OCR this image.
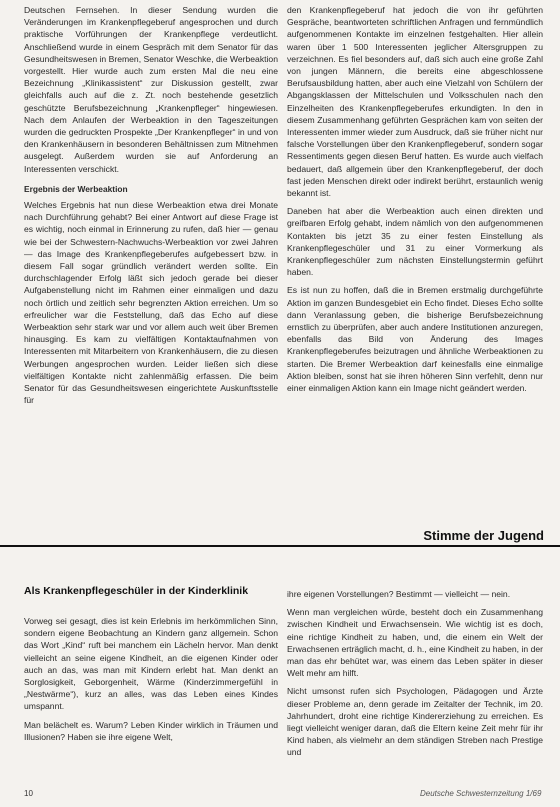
Deutschen Fernsehen. In dieser Sendung wurden die Veränderungen im Krankenpflegeberuf angesprochen und durch praktische Vorführungen der Krankenpflege verdeutlicht. Anschließend wurde in einem Gespräch mit dem Senator für das Gesundheitswesen in Bremen, Senator Weschke, die Werbeaktion vorgestellt. Hier wurde auch zum ersten Mal die neu eine Bezeichnung „Klinikassistent“ zur Diskussion gestellt, zwar gleichfalls auch auf die z. Zt. noch bestehende gesetzlich geschützte Berufsbezeichnung „Krankenpfleger“ hingewiesen. Nach dem Anlaufen der Werbeaktion in den Tageszeitungen wurden die gedruckten Prospekte „Der Krankenpfleger“ in und von den Krankenhäusern in besonderen Behältnissen zum Mitnehmen ausgelegt. Außerdem wurden sie auf Anforderung an Interessenten verschickt.

Ergebnis der Werbeaktion

Welches Ergebnis hat nun diese Werbeaktion etwa drei Monate nach Durchführung gehabt? Bei einer Antwort auf diese Frage ist es wichtig, noch einmal in Erinnerung zu rufen, daß hier — genau wie bei der Schwestern-Nachwuchs-Werbeaktion vor zwei Jahren — das Image des Krankenpflegeberufes aufgebessert bzw. in diesem Fall sogar gründlich verändert werden sollte. Ein durchschlagender Erfolg läßt sich jedoch gerade bei dieser Aufgabenstellung nicht im Rahmen einer einmaligen und dazu noch örtlich und zeitlich sehr begrenzten Aktion erreichen. Um so erfreulicher war die Feststellung, daß das Echo auf diese Werbeaktion sehr stark war und vor allem auch weit über Bremen hinausging. Es kam zu vielfältigen Kontaktaufnahmen von Interessenten mit Mitarbeitern von Krankenhäusern, die zu diesen Werbungen angesprochen wurden. Leider ließen sich diese vielfältigen Kontakte nicht zahlenmäßig erfassen. Die beim Senator für das Gesundheitswesen eingerichtete Auskunftsstelle für

den Krankenpflegeberuf hat jedoch die von ihr geführten Gespräche, beantworteten schriftlichen Anfragen und fernmündlich aufgenommenen Kontakte im einzelnen festgehalten. Hier allein waren über 1 500 Interessenten jeglicher Altersgruppen zu verzeichnen. Es fiel besonders auf, daß sich auch eine große Zahl von jungen Männern, die bereits eine abgeschlossene Berufsausbildung hatten, aber auch eine Vielzahl von Schülern der Abgangsklassen der Mittelschulen und Volksschulen nach den Einzelheiten des Krankenpflegeberufes erkundigten. In den in diesem Zusammenhang geführten Gesprächen kam von seiten der Interessenten immer wieder zum Ausdruck, daß sie früher nicht nur falsche Vorstellungen über den Krankenpflegeberuf, sondern sogar Ressentiments gegen diesen Beruf hatten. Es wurde auch vielfach bedauert, daß allgemein über den Krankenpflegeberuf, der doch fast jeden Menschen direkt oder indirekt berührt, erstaunlich wenig bekannt ist.

Daneben hat aber die Werbeaktion auch einen direkten und greifbaren Erfolg gehabt, indem nämlich von den aufgenommenen Kontakten bis jetzt 35 zu einer festen Einstellung als Krankenpflegeschüler und 31 zu einer Vormerkung als Krankenpflegeschüler zum nächsten Einstellungstermin geführt haben.

Es ist nun zu hoffen, daß die in Bremen erstmalig durchgeführte Aktion im ganzen Bundesgebiet ein Echo findet. Dieses Echo sollte dann Veranlassung geben, die bisherige Berufsbezeichnung ernstlich zu überprüfen, aber auch andere Institutionen anzuregen, ebenfalls das Bild von Änderung des Images Krankenpflegeberufes beizutragen und ähnliche Werbeaktionen zu starten. Die Bremer Werbeaktion darf keinesfalls eine einmalige Aktion bleiben, sonst hat sie ihren höheren Sinn verfehlt, denn nur einer einmaligen Aktion kann ein Image nicht geändert werden.

Stimme der Jugend
Als Krankenpflegeschüler in der Kinderklinik

Vorweg sei gesagt, dies ist kein Erlebnis im herkömmlichen Sinn, sondern eigene Beobachtung an Kindern ganz allgemein. Schon das Wort „Kind“ ruft bei manchem ein Lächeln hervor. Man denkt vielleicht an seine eigene Kindheit, an die eigenen Kinder oder auch an das, was man mit Kindern erlebt hat. Man denkt an Sorglosigkeit, Geborgenheit, Wärme (Kinderzimmergefühl in „Nestwärme“), kurz an alles, was das Leben eines Kindes umspannt.

Man belächelt es. Warum? Leben Kinder wirklich in Träumen und Illusionen? Haben sie ihre eigene Welt,

ihre eigenen Vorstellungen? Bestimmt — vielleicht — nein.

Wenn man vergleichen würde, besteht doch ein Zusammenhang zwischen Kindheit und Erwachsensein. Wie wichtig ist es doch, eine richtige Kindheit zu haben, und, die einem ein Welt der Erwachsenen erträglich macht, d. h., eine Kindheit zu haben, in der man das ehr behütet war, was einem das Leben später in dieser Welt mehr am hilft.

Nicht umsonst rufen sich Psychologen, Pädagogen und Ärzte dieser Probleme an, denn gerade im Zeitalter der Technik, im 20. Jahrhundert, droht eine richtige Kindererziehung zu erreichen. Es liegt vielleicht weniger daran, daß die Eltern keine Zeit mehr für ihr Kind haben, als vielmehr an dem ständigen Streben nach Prestige und

10	Deutsche Schwesternzeitung 1/69
